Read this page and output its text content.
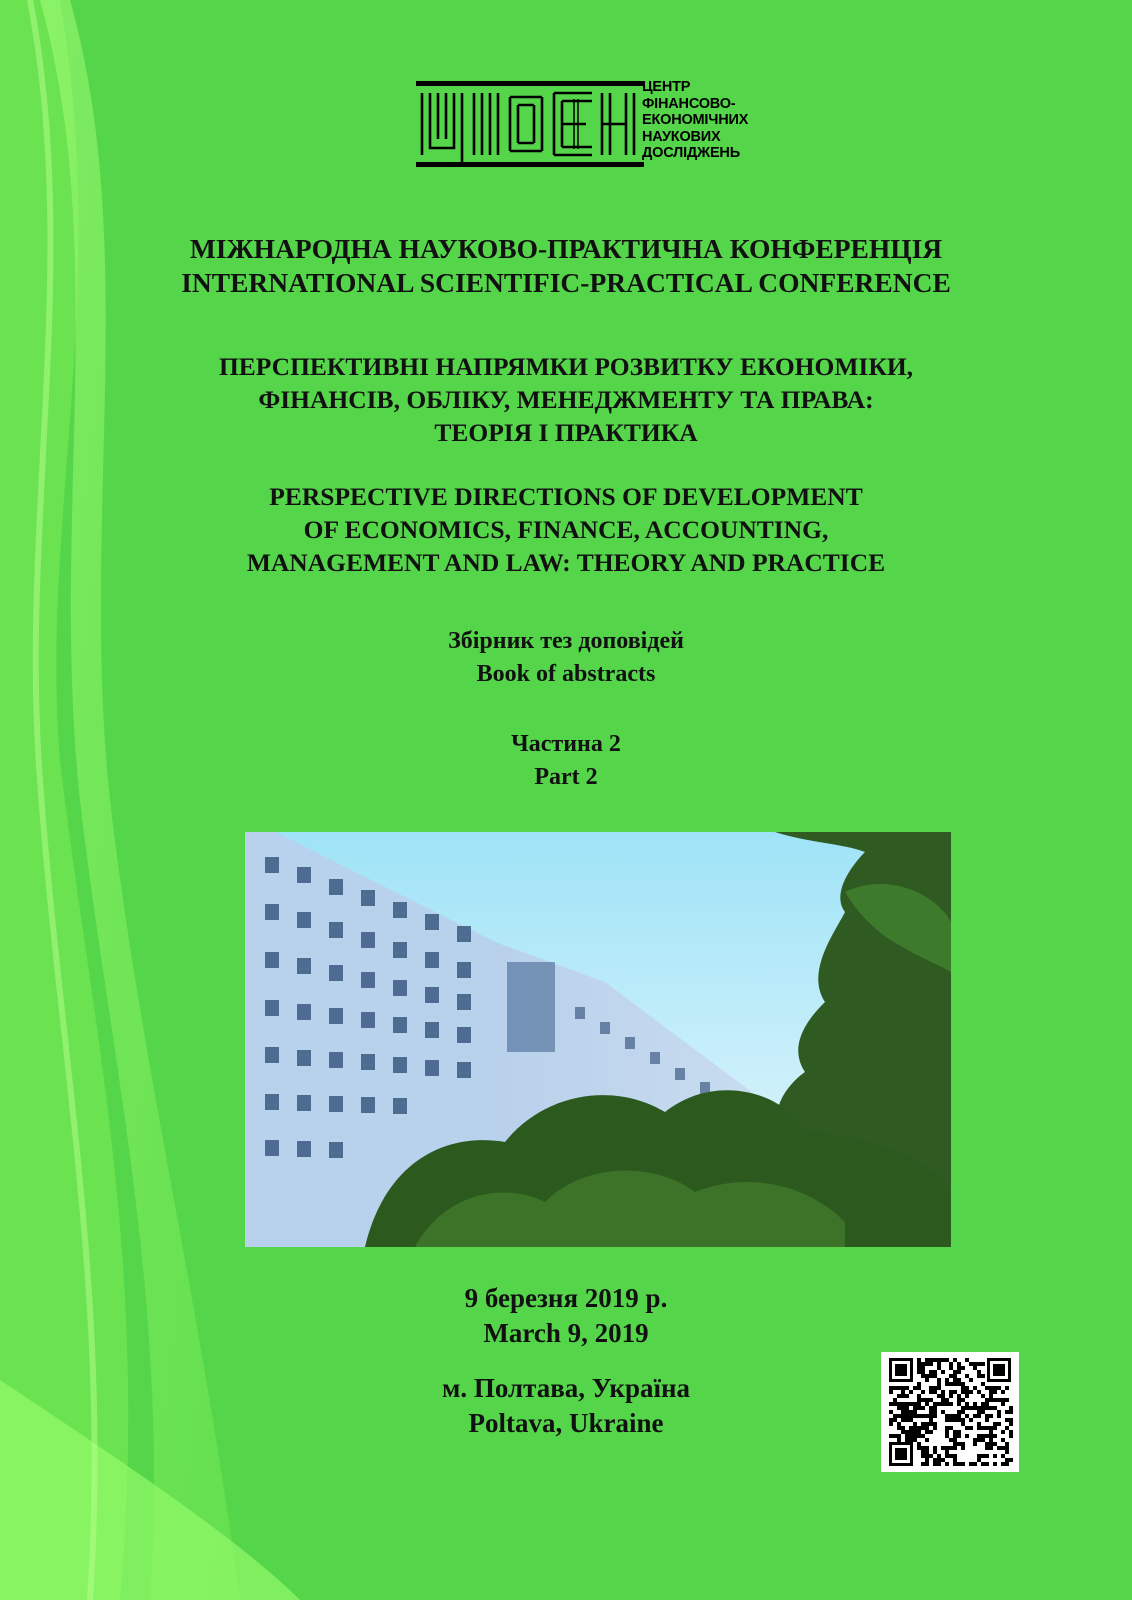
ЦЕНТР
ФІНАНСОВО-
ЕКОНОМІЧНИХ
НАУКОВИХ
ДОСЛІДЖЕНЬ
МІЖНАРОДНА НАУКОВО-ПРАКТИЧНА КОНФЕРЕНЦІЯ
INTERNATIONAL SCIENTIFIC-PRACTICAL CONFERENCE
ПЕРСПЕКТИВНІ НАПРЯМКИ РОЗВИТКУ ЕКОНОМІКИ,
ФІНАНСІВ, ОБЛІКУ, МЕНЕДЖМЕНТУ ТА ПРАВА:
ТЕОРІЯ І ПРАКТИКА
PERSPECTIVE DIRECTIONS OF DEVELOPMENT
OF ECONOMICS, FINANCE, ACCOUNTING,
MANAGEMENT AND LAW: THEORY AND PRACTICE
Збірник тез доповідей
Book of abstracts
Частина 2
Part 2
9 березня 2019 р.
March 9, 2019
м. Полтава, Україна
Poltava, Ukraine
